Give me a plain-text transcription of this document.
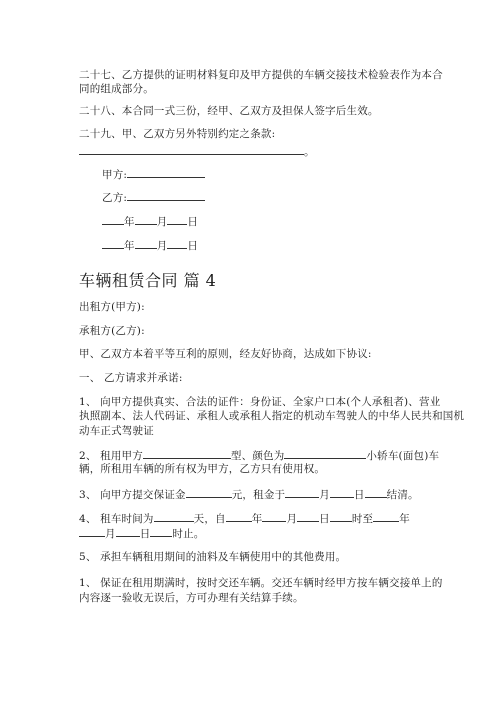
二十七、乙方提供的证明材料复印及甲方提供的车辆交接技术检验表作为本合
同的组成部分。
二十八、本合同一式三份，经甲、乙双方及担保人签字后生效。
二十九、甲、乙双方另外特别约定之条款:
。
甲方:
乙方:
年 月 日
年 月 日
车辆租赁合同 篇 4
出租方(甲方):
承租方(乙方):
甲、乙双方本着平等互利的原则，经友好协商，达成如下协议:
一、 乙方请求并承诺:
1、 向甲方提供真实、合法的证件：身份证、全家户口本(个人承租者)、营业
执照副本、法人代码证、承租人或承租人指定的机动车驾驶人的中华人民共和国机
动车正式驾驶证
2、 租用甲方	型、颜色为	小轿车(面包)车
辆，所租用车辆的所有权为甲方，乙方只有使用权。
3、 向甲方提交保证金	元，租金于	月 日 结清。
4、 租车时间为	天，自 年 月 日 时至 年
月 日 时止。
5、 承担车辆租用期间的油料及车辆使用中的其他费用。
1、 保证在租用期满时，按时交还车辆。交还车辆时经甲方按车辆交接单上的
内容逐一验收无误后，方可办理有关结算手续。
